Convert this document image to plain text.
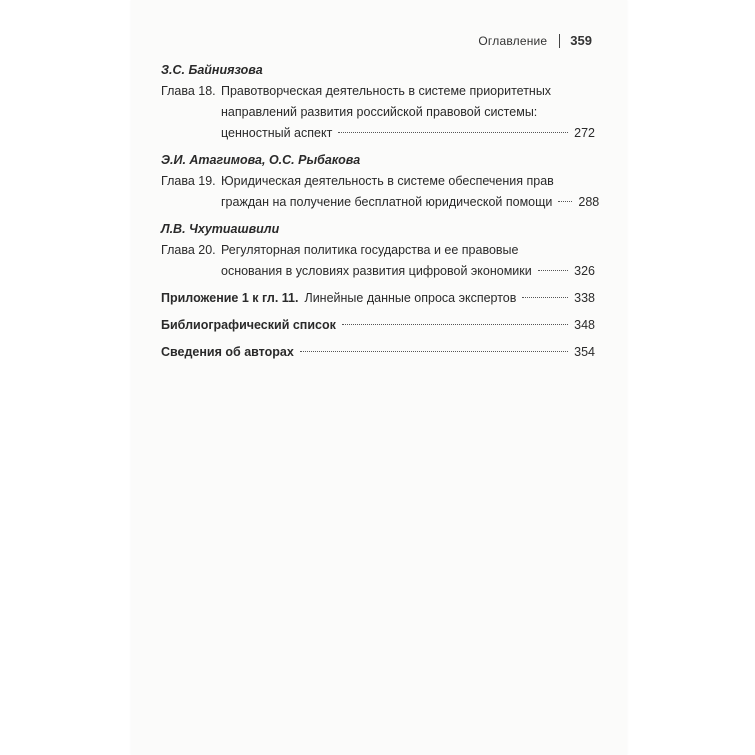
Оглавление 359
З.С. Байниязова
Глава 18. Правотворческая деятельность в системе приоритетных
направлений развития российской правовой системы:
ценностный аспект	272
Э.И. Атагимова, О.С. Рыбакова
Глава 19. Юридическая деятельность в системе обеспечения прав
граждан на получение бесплатной юридической помощи 288
Л.В. Чхутиашвили
Глава 20. Регуляторная политика государства и ее правовые
основания в условиях развития цифровой экономики	326
Приложение 1 к гл. 11. Линейные данные опроса экспертов	338
Библиографический список	348
Сведения об авторах	354
